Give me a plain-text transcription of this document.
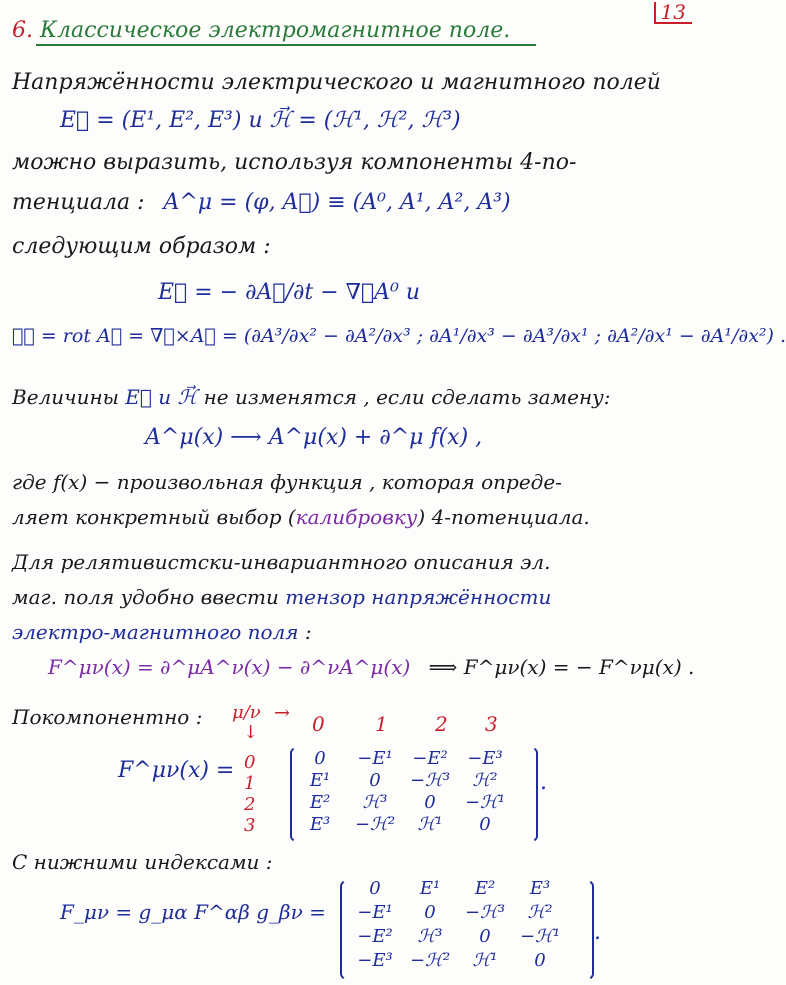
13
6. Классическое электромагнитное поле.
Напряжённости электрического и магнитного полей
E⃗ = (E¹, E², E³) и ℋ⃗ = (ℋ¹, ℋ², ℋ³)
можно выразить, используя компоненты 4-по-
тенциала : A^μ = (φ, A⃗) ≡ (A⁰, A¹, A², A³)
следующим образом :
E⃗ = − ∂A⃗/∂t − ∇⃗A⁰ и
ℋ⃗ = rot A⃗ = ∇⃗×A⃗ = (∂A³/∂x² − ∂A²/∂x³ ; ∂A¹/∂x³ − ∂A³/∂x¹ ; ∂A²/∂x¹ − ∂A¹/∂x²) .
Величины E⃗ и ℋ⃗ не изменятся , если сделать замену:
A^μ(x) ⟶ A^μ(x) + ∂^μ f(x) ,
где f(x) − произвольная функция , которая опреде-
ляет конкретный выбор (калибровку) 4-потенциала.
Для релятивистски-инвариантного описания эл.
маг. поля удобно ввести тензор напряжённости
электро-магнитного поля :
F^μν(x) = ∂^μA^ν(x) − ∂^νA^μ(x) ⟹ F^μν(x) = − F^νμ(x) .
Покомпонентно : μ/ν →
↓	0	1 2 3
0
1
2
3
F^μν(x) =	.
0	−E¹	−E²	−E³
E¹	0	−ℋ³	ℋ²
E²	ℋ³	0	−ℋ¹
E³	−ℋ²	ℋ¹	0
С нижними индексами :
F_μν = g_μα F^αβ g_βν =
.
0	E¹	E²	E³
−E¹	0	−ℋ³	ℋ²
−E²	ℋ³	0	−ℋ¹
−E³ −ℋ²	ℋ¹	0
